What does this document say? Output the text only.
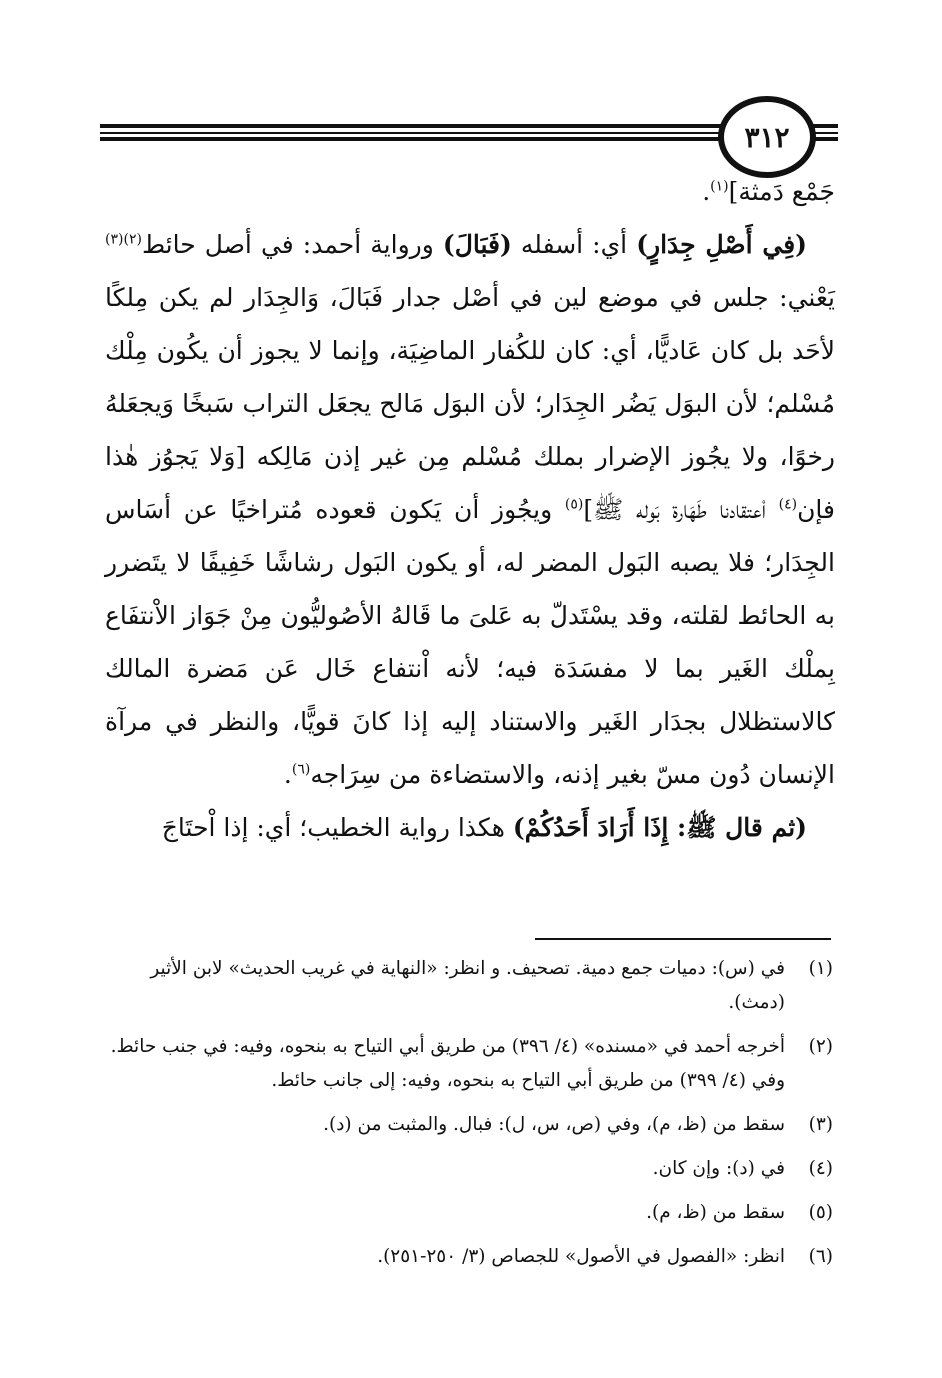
٣١٢

جَمْع دَمثة]$^{(١)}$.

(فِي أَصْلِ جِدَارٍ) أي: أسفله (فَبَالَ) ورواية أحمد: في أصل حائط$^{(٢)(٣)}$ يَعْني: جلس في موضع لين في أصْل جدار فَبَالَ، وَالجِدَار لم يكن مِلكًا لأحَد بل كان عَاديًّا، أي: كان للكُفار الماضِيَة، وإنما لا يجوز أن يكُون مِلْك مُسْلم؛ لأن البوَل يَضُر الجِدَار؛ لأن البوَل مَالح يجعَل التراب سَبخًا وَيجعَلهُ رخوًا، ولا يجُوز الإضرار بملك مُسْلم مِن غير إذن مَالِكه [وَلا يَجوُز هٰذا فإن$^{(٤)}$ اْعتقادنا طَهَارة بَوله ﷺ]$^{(٥)}$ ويجُوز أن يَكون قعوده مُتراخيًا عن أسَاس الجِدَار؛ فلا يصبه البَول المضر له، أو يكون البَول رشاشًا خَفِيفًا لا يتَضرر به الحائط لقلته، وقد يسْتَدلّ به عَلىَ ما قَالهُ الأصُوليُّون مِنْ جَوَاز الاْنتفَاع بِملْك الغَير بما لا مفسَدَة فيه؛ لأنه اْنتفاع خَال عَن مَضرة المالك كالاستظلال بجدَار الغَير والاستناد إليه إذا كانَ قويًّا، والنظر في مرآة الإنسان دُون مسّ بغير إذنه، والاستضاءة من سِرَاجه$^{(٦)}$.

(ثم قال ﷺ: إِذَا أَرَادَ أَحَدُكُمْ) هكذا رواية الخطيب؛ أي: إذا اْحتَاجَ

(١)
في (س): دميات جمع دمية. تصحيف. و انظر: «النهاية في غريب الحديث» لابن الأثير (دمث).
(٢)
أخرجه أحمد في «مسنده» (٤/ ٣٩٦) من طريق أبي التياح به بنحوه، وفيه: في جنب حائط. وفي (٤/ ٣٩٩) من طريق أبي التياح به بنحوه، وفيه: إلى جانب حائط.
(٣)
سقط من (ظ، م)، وفي (ص، س، ل): فبال. والمثبت من (د).
(٤)
في (د): وإن كان.
(٥)
سقط من (ظ، م).
(٦)
انظر: «الفصول في الأصول» للجصاص (٣/ ٢٥٠-٢٥١).
